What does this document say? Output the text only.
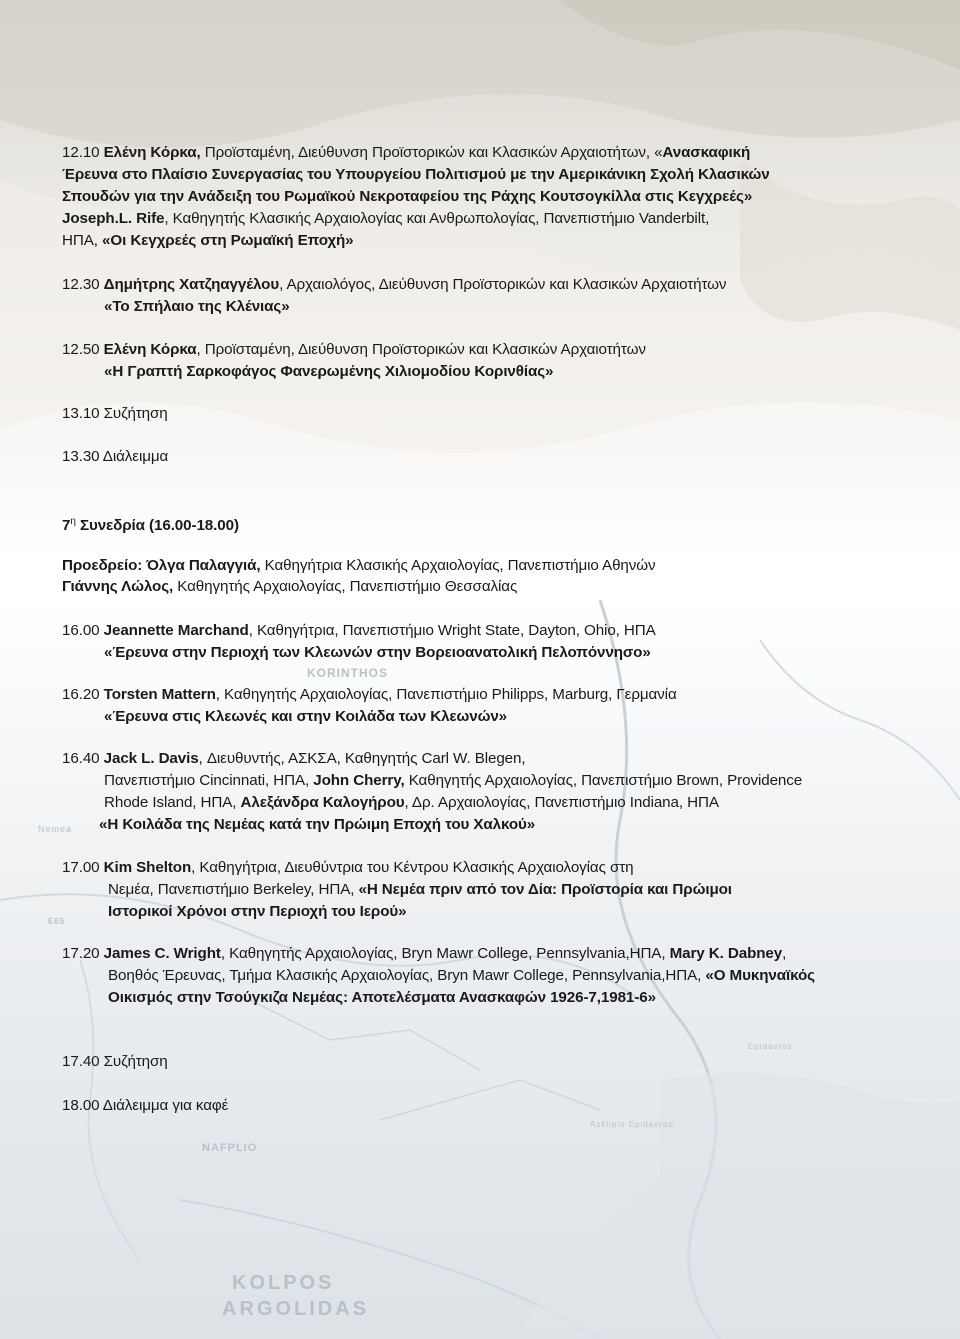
KORINTHOS
Nemea
E65
Epidavros
Asklipio Epidavrou
NAFPLIO
KOLPOS
ARGOLIDAS
12.10 Ελένη Κόρκα, Προϊσταμένη, Διεύθυνση Προϊστορικών και Κλασικών Αρχαιοτήτων, «Ανασκαφική
Έρευνα στο Πλαίσιο Συνεργασίας του Υπουργείου Πολιτισμού με την Αμερικάνικη Σχολή Κλασικών
Σπουδών για την Ανάδειξη του Ρωμαϊκού Νεκροταφείου της Ράχης Κουτσογκίλλα στις Κεγχρεές»
Joseph.L. Rife, Καθηγητής Κλασικής Αρχαιολογίας και Ανθρωπολογίας, Πανεπιστήμιο Vanderbilt,
ΗΠΑ, «Οι Κεγχρεές στη Ρωμαϊκή Εποχή»
12.30 Δημήτρης Χατζηαγγέλου, Αρχαιολόγος, Διεύθυνση Προϊστορικών και Κλασικών Αρχαιοτήτων
«Το Σπήλαιο της Κλένιας»
12.50 Ελένη Κόρκα, Προϊσταμένη, Διεύθυνση Προϊστορικών και Κλασικών Αρχαιοτήτων
«Η Γραπτή Σαρκοφάγος Φανερωμένης Χιλιομοδίου Κορινθίας»
13.10 Συζήτηση
13.30 Διάλειμμα
$7^\eta$ Συνεδρία (16.00-18.00)
Προεδρείο: Όλγα Παλαγγιά, Καθηγήτρια Κλασικής Αρχαιολογίας, Πανεπιστήμιο Αθηνών
Γιάννης Λώλος, Καθηγητής Αρχαιολογίας, Πανεπιστήμιο Θεσσαλίας
16.00 Jeannette Marchand, Καθηγήτρια, Πανεπιστήμιο Wright State, Dayton, Ohio, ΗΠΑ
«Έρευνα στην Περιοχή των Κλεωνών στην Βορειοανατολική Πελοπόννησο»
16.20 Torsten Mattern, Καθηγητής Αρχαιολογίας, Πανεπιστήμιο Philipps, Marburg, Γερμανία
«Έρευνα στις Κλεωνές και στην Κοιλάδα των Κλεωνών»
16.40 Jack L. Davis, Διευθυντής, ΑΣΚΣΑ, Καθηγητής Carl W. Blegen,
Πανεπιστήμιο Cincinnati, ΗΠΑ, John Cherry, Καθηγητής Αρχαιολογίας, Πανεπιστήμιο Brown, Providence
Rhode Island, ΗΠΑ, Αλεξάνδρα Καλογήρου, Δρ. Αρχαιολογίας, Πανεπιστήμιο Indiana, ΗΠΑ
«Η Κοιλάδα της Νεμέας κατά την Πρώιμη Εποχή του Χαλκού»
17.00 Kim Shelton, Καθηγήτρια, Διευθύντρια του Κέντρου Κλασικής Αρχαιολογίας στη
Νεμέα, Πανεπιστήμιο Berkeley, ΗΠΑ, «Η Νεμέα πριν από τον Δία: Προϊστορία και Πρώιμοι
Ιστορικοί Χρόνοι στην Περιοχή του Ιερού»
17.20 James C. Wright, Καθηγητής Αρχαιολογίας, Bryn Mawr College, Pennsylvania,ΗΠΑ, Mary K. Dabney,
Βοηθός Έρευνας, Τμήμα Κλασικής Αρχαιολογίας, Bryn Mawr College, Pennsylvania,ΗΠΑ, «Ο Μυκηναϊκός
Οικισμός στην Τσούγκιζα Νεμέας: Αποτελέσματα Ανασκαφών 1926-7,1981-6»
17.40 Συζήτηση
18.00 Διάλειμμα για καφέ
